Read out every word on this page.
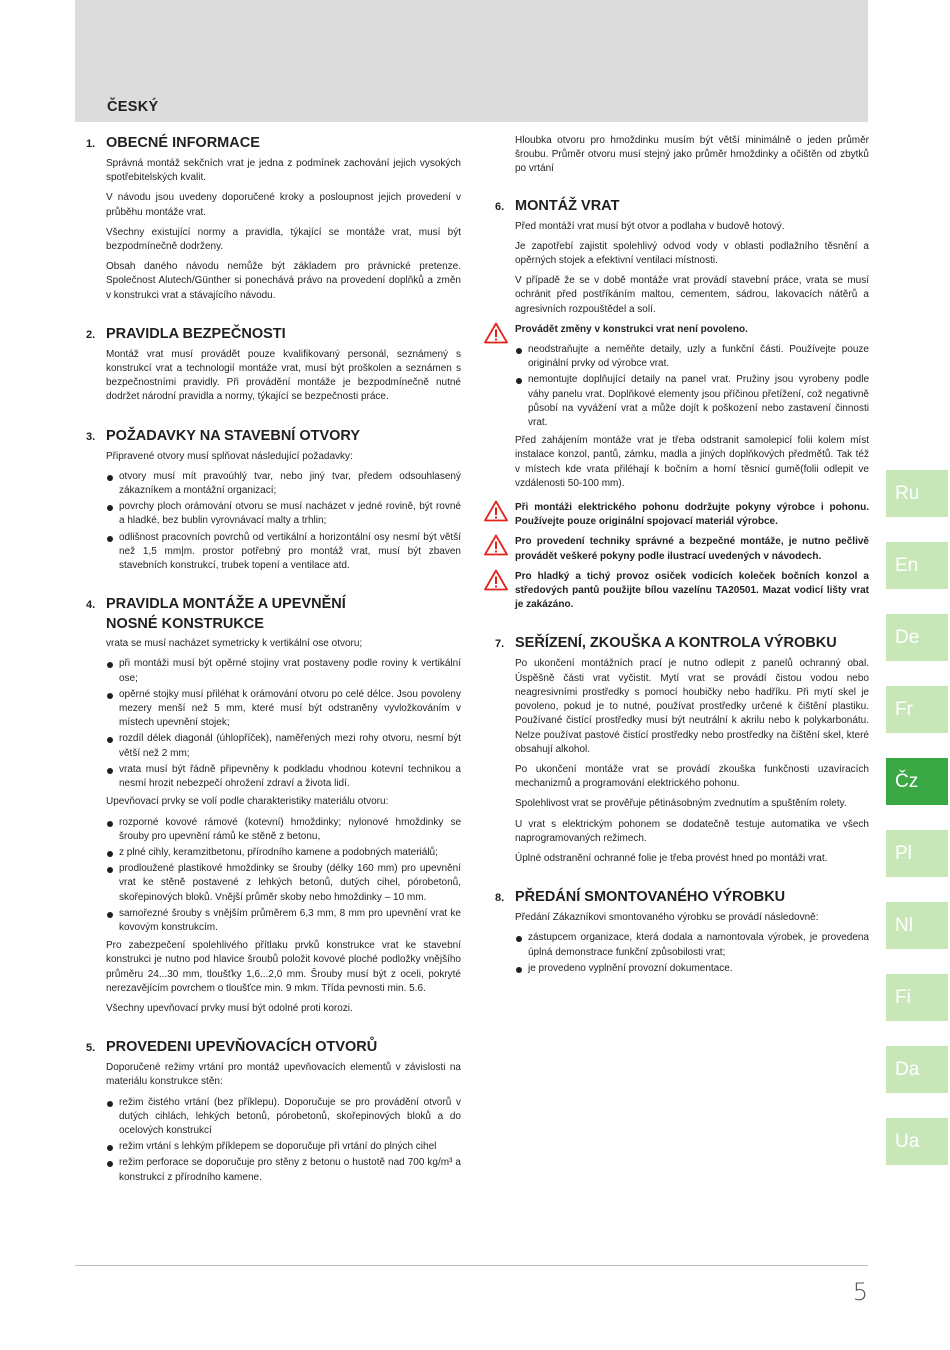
ČESKÝ
1. OBECNÉ INFORMACE

Správná montáž sekčních vrat je jedna z podmínek zachování jejich vysokých spotřebitelských kvalit.

V návodu jsou uvedeny doporučené kroky a posloupnost jejich provedení v průběhu montáže vrat.

Všechny existující normy a pravidla, týkající se montáže vrat, musí být bezpodmínečně dodrženy.

Obsah daného návodu nemůže být základem pro právnické pretenze. Společnost Alutech/Günther si ponechává právo na provedení doplňků a změn v konstrukci vrat a stávajícího návodu.

2. PRAVIDLA BEZPEČNOSTI

Montáž vrat musí provádět pouze kvalifikovaný personál, seznámený s konstrukcí vrat a technologií montáže vrat, musí být proškolen a seznámen s bezpečnostními pravidly. Při provádění montáže je bezpodmínečně nutné dodržet národní pravidla a normy, týkající se bezpečnosti práce.

3. POŽADAVKY NA STAVEBNÍ OTVORY

Připravené otvory musí splňovat následující požadavky:

otvory musí mít pravoúhlý tvar, nebo jiný tvar, předem odsouhlasený zákazníkem a montážní organizací;
povrchy ploch orámování otvoru se musí nacházet v jedné rovině, být rovné a hladké, bez bublin vyrovnávací malty a trhlin;
odlišnost pracovních povrchů od vertikální a horizontální osy nesmí být větší než 1,5 mm|m. prostor potřebný pro montáž vrat, musí být zbaven stavebních konstrukcí, trubek topení a ventilace atd.
4. PRAVIDLA MONTÁŽE A UPEVNĚNÍ
NOSNÉ KONSTRUKCE

vrata se musí nacházet symetricky k vertikální ose otvoru;

při montáži musí být opěrné stojiny vrat postaveny podle roviny k vertikální ose;
opěrné stojky musí přiléhat k orámování otvoru po celé délce. Jsou povoleny mezery menší než 5 mm, které musí být odstraněny vyvložkováním v místech upevnění stojek;
rozdíl délek diagonál (úhlopříček), naměřených mezi rohy otvoru, nesmí být větší než 2 mm;
vrata musí být řádně připevněny k podkladu vhodnou kotevní technikou a nesmí hrozit nebezpečí ohrožení zdraví a života lidí.

Upevňovací prvky se volí podle charakteristiky materiálu otvoru:

rozporné kovové rámové (kotevní) hmoždinky; nylonové hmoždinky se šrouby pro upevnění rámů ke stěně z betonu,
z plné cihly, keramzitbetonu, přírodního kamene a podobných materiálů;
prodloužené plastikové hmoždinky se šrouby (délky 160 mm) pro upevnění vrat ke stěně postavené z lehkých betonů, dutých cihel, pórobetonů, skořepinových bloků. Vnější průměr skoby nebo hmoždinky – 10 mm.
samořezné šrouby s vnějším průměrem 6,3 mm, 8 mm pro upevnění vrat ke kovovým konstrukcím.

Pro zabezpečení spolehlivého přítlaku prvků konstrukce vrat ke stavební konstrukci je nutno pod hlavice šroubů položit kovové ploché podložky vnějšího průměru 24...30 mm, tloušťky 1,6...2,0 mm. Šrouby musí být z oceli, pokryté nerezavějícím povrchem o tloušťce min. 9 mkm. Třída pevnosti min. 5.6.

Všechny upevňovací prvky musí být odolné proti korozi.

5. PROVEDENI UPEVŇOVACÍCH OTVORŮ

Doporučené režimy vrtání pro montáž upevňovacích elementů v závislosti na materiálu konstrukce stěn:

režim čistého vrtání (bez příklepu). Doporučuje se pro provádění otvorů v dutých cihlách, lehkých betonů, pórobetonů, skořepinových bloků a do ocelových konstrukcí
režim vrtání s lehkým příklepem se doporučuje při vrtání do plných cihel
režim perforace se doporučuje pro stěny z betonu o hustotě nad 700 kg/m³ a konstrukcí z přírodního kamene.

Hloubka otvoru pro hmoždinku musím být větší minimálně o jeden průměr šroubu. Průměr otvoru musí stejný jako průměr hmoždinky a očištěn od zbytků po vrtání

6. MONTÁŽ VRAT

Před montáží vrat musí být otvor a podlaha v budově hotový.

Je zapotřebí zajistit spolehlivý odvod vody v oblasti podlažního těsnění a opěrných stojek a efektivní ventilaci místnosti.

V případě že se v době montáže vrat provádí stavební práce, vrata se musí ochránit před postříkáním maltou, cementem, sádrou, lakovacích nátěrů a agresivních rozpouštědel a solí.

Provádět změny v konstrukci vrat není povoleno.

neodstraňujte a neměňte detaily, uzly a funkční části. Používejte pouze originální prvky od výrobce vrat.
nemontujte doplňující detaily na panel vrat. Pružiny jsou vyrobeny podle váhy panelu vrat. Doplňkové elementy jsou příčinou přetížení, což negativně působí na vyvážení vrat a může dojít k poškození nebo zastavení činnosti vrat.

Před zahájením montáže vrat je třeba odstranit samolepicí folii kolem míst instalace konzol, pantů, zámku, madla a jiných doplňkových předmětů. Tak též v místech kde vrata přiléhají k bočním a horní těsnicí gumě(folii odlepit ve vzdálenosti 50-100 mm).

Při montáži elektrického pohonu dodržujte pokyny výrobce i pohonu. Používejte pouze originální spojovací materiál výrobce.

Pro provedení techniky správné a bezpečné montáže, je nutno pečlivě provádět veškeré pokyny podle ilustrací uvedených v návodech.

Pro hladký a tichý provoz osiček vodicích koleček bočních konzol a středových pantů použijte bílou vazelínu TA20501. Mazat vodicí lišty vrat je zakázáno.

7. SEŘÍZENÍ, ZKOUŠKA A KONTROLA VÝROBKU

Po ukončení montážních prací je nutno odlepit z panelů ochranný obal. Úspěšně části vrat vyčistit. Mytí vrat se provádí čistou vodou nebo neagresivními prostředky s pomocí houbičky nebo hadříku. Při mytí skel je povoleno, pokud je to nutné, používat prostředky určené k čištění plastiku. Používané čistící prostředky musí být neutrální k akrilu nebo k polykarbonátu. Nelze používat pastové čistící prostředky nebo prostředky na čištění skel, které obsahují alkohol.

Po ukončení montáže vrat se provádí zkouška funkčnosti uzavíracích mechanizmů a programování elektrického pohonu.

Spolehlivost vrat se prověřuje pětinásobným zvednutím a spuštěním rolety.

U vrat s elektrickým pohonem se dodatečně testuje automatika ve všech naprogramovaných režimech.

Úplné odstranění ochranné folie je třeba provést hned po montáži vrat.

8. PŘEDÁNÍ SMONTOVANÉHO VÝROBKU

Předání Zákazníkovi smontovaného výrobku se provádí následovně:

zástupcem organizace, která dodala a namontovala výrobek, je provedena úplná demonstrace funkční způsobilosti vrat;
je provedeno vyplnění provozní dokumentace.
Ru
En
De
Fr
Čz
Pl
Nl
Fi
Da
Ua
5
